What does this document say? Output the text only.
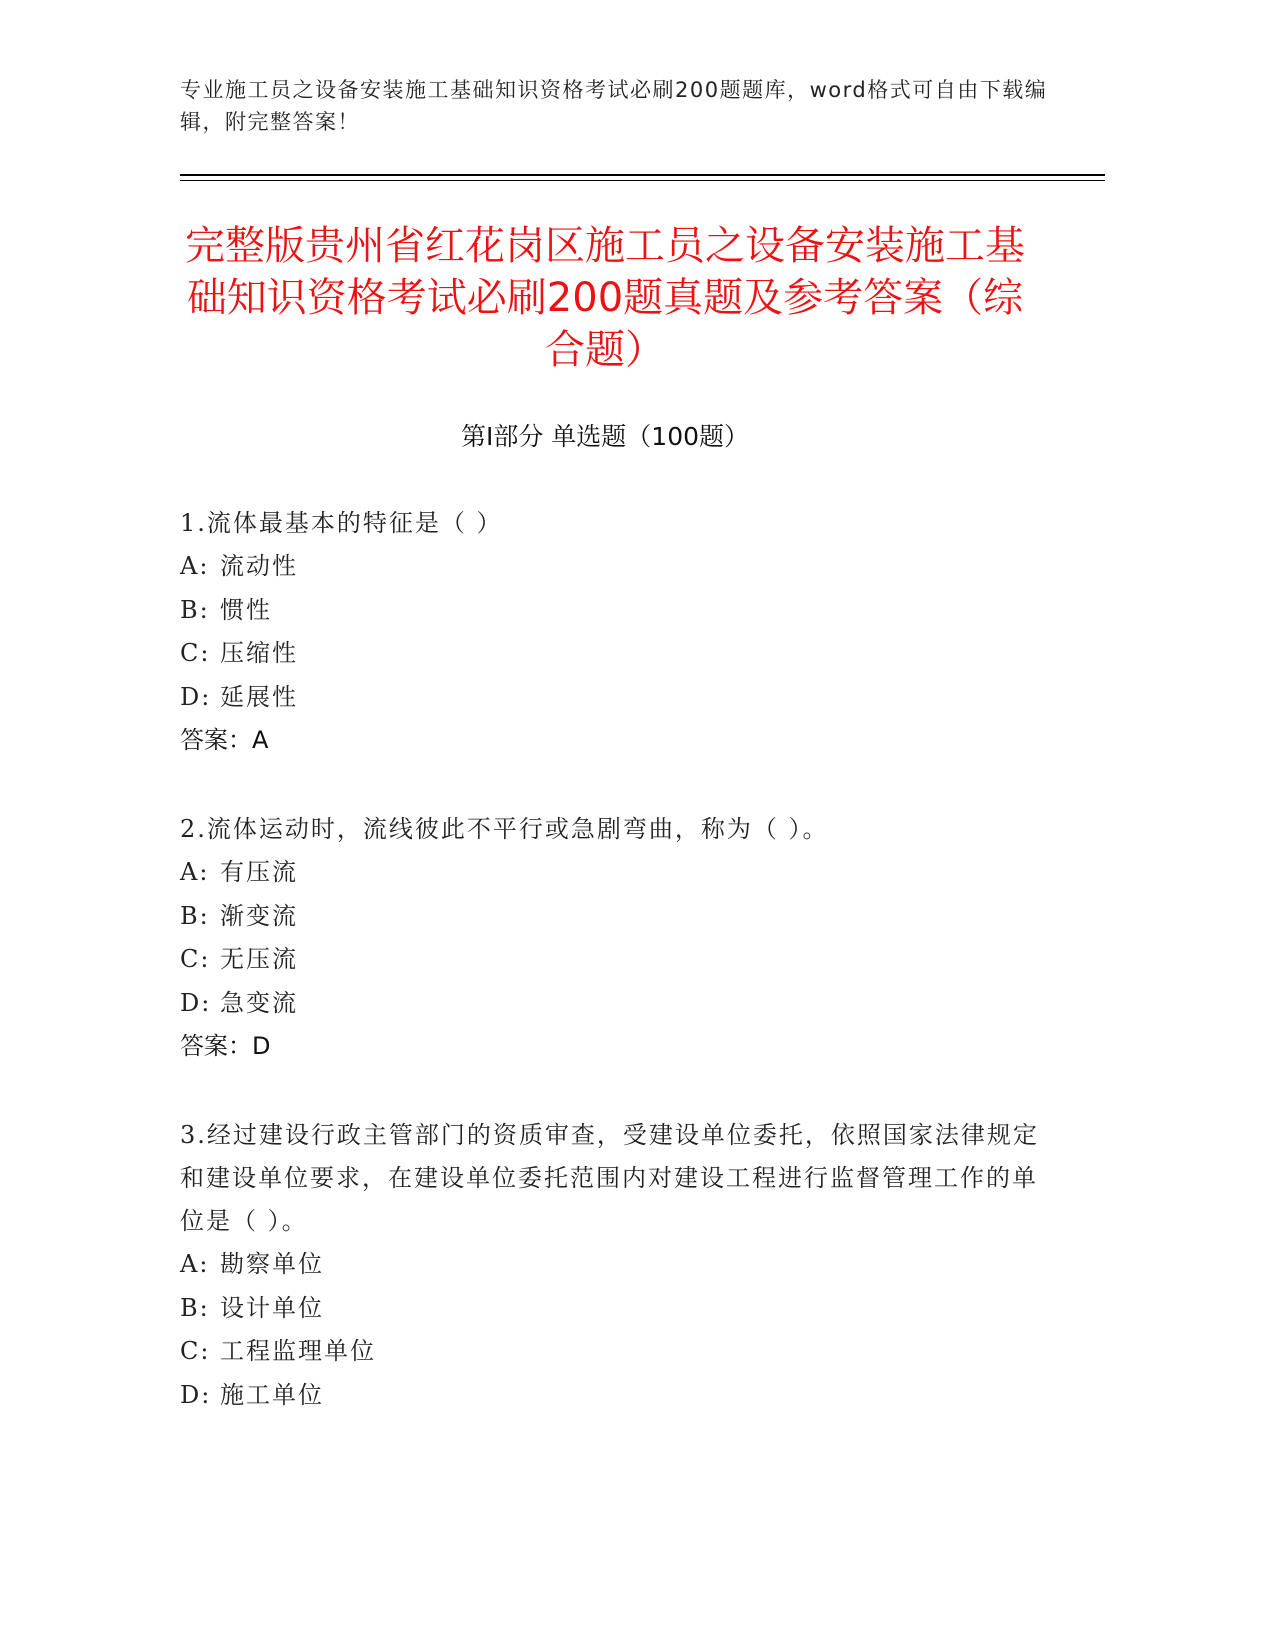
专业施工员之设备安装施工基础知识资格考试必刷200题题库，word格式可自由下载编辑，附完整答案！
完整版贵州省红花岗区施工员之设备安装施工基础知识资格考试必刷200题真题及参考答案（综合题）
第Ⅰ部分 单选题（100题）
1.流体最基本的特征是（ ）
A: 流动性
B: 惯性
C: 压缩性
D: 延展性
答案：A
2.流体运动时，流线彼此不平行或急剧弯曲，称为（ ）。
A: 有压流
B: 渐变流
C: 无压流
D: 急变流
答案：D
3.经过建设行政主管部门的资质审查，受建设单位委托，依照国家法律规定和建设单位要求，在建设单位委托范围内对建设工程进行监督管理工作的单位是（ ）。
A: 勘察单位
B: 设计单位
C: 工程监理单位
D: 施工单位
